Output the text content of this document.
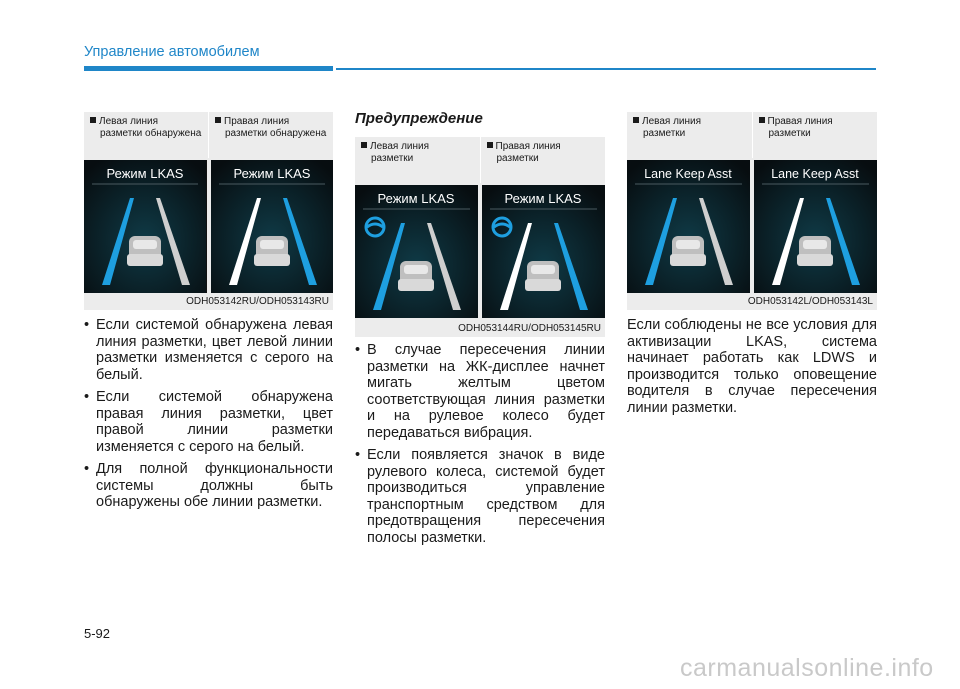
Управление автомобилем
Левая линия
разметки обнаружена
Правая линия
разметки обнаружена
Режим LKAS	Режим LKAS
ODH053142RU/ODH053143RU
• Если системой обнаружена левая линия разметки, цвет левой линии разметки изменяется с серого на белый.
• Если системой обнаружена правая линия разметки, цвет правой линии разметки изменяется с серого на белый.
• Для полной функциональности системы должны быть обнаружены обе линии разметки.
Предупреждение
Левая линия
разметки
Правая линия
разметки
Режим LKAS	Режим LKAS
ODH053144RU/ODH053145RU
• В случае пересечения линии разметки на ЖК-дисплее начнет мигать желтым цветом соответствующая линия разметки и на рулевое колесо будет передаваться вибрация.
• Если появляется значок в виде рулевого колеса, системой будет производиться управление транспортным средством для предотвращения пересечения полосы разметки.
Левая линия
разметки
Правая линия
разметки
Lane Keep Asst	Lane Keep Asst
ODH053142L/ODH053143L

Если соблюдены не все условия для активизации LKAS, система начинает работать как LDWS и производится только оповещение водителя в случае пересечения линии разметки.

5-92
carmanualsonline.info
